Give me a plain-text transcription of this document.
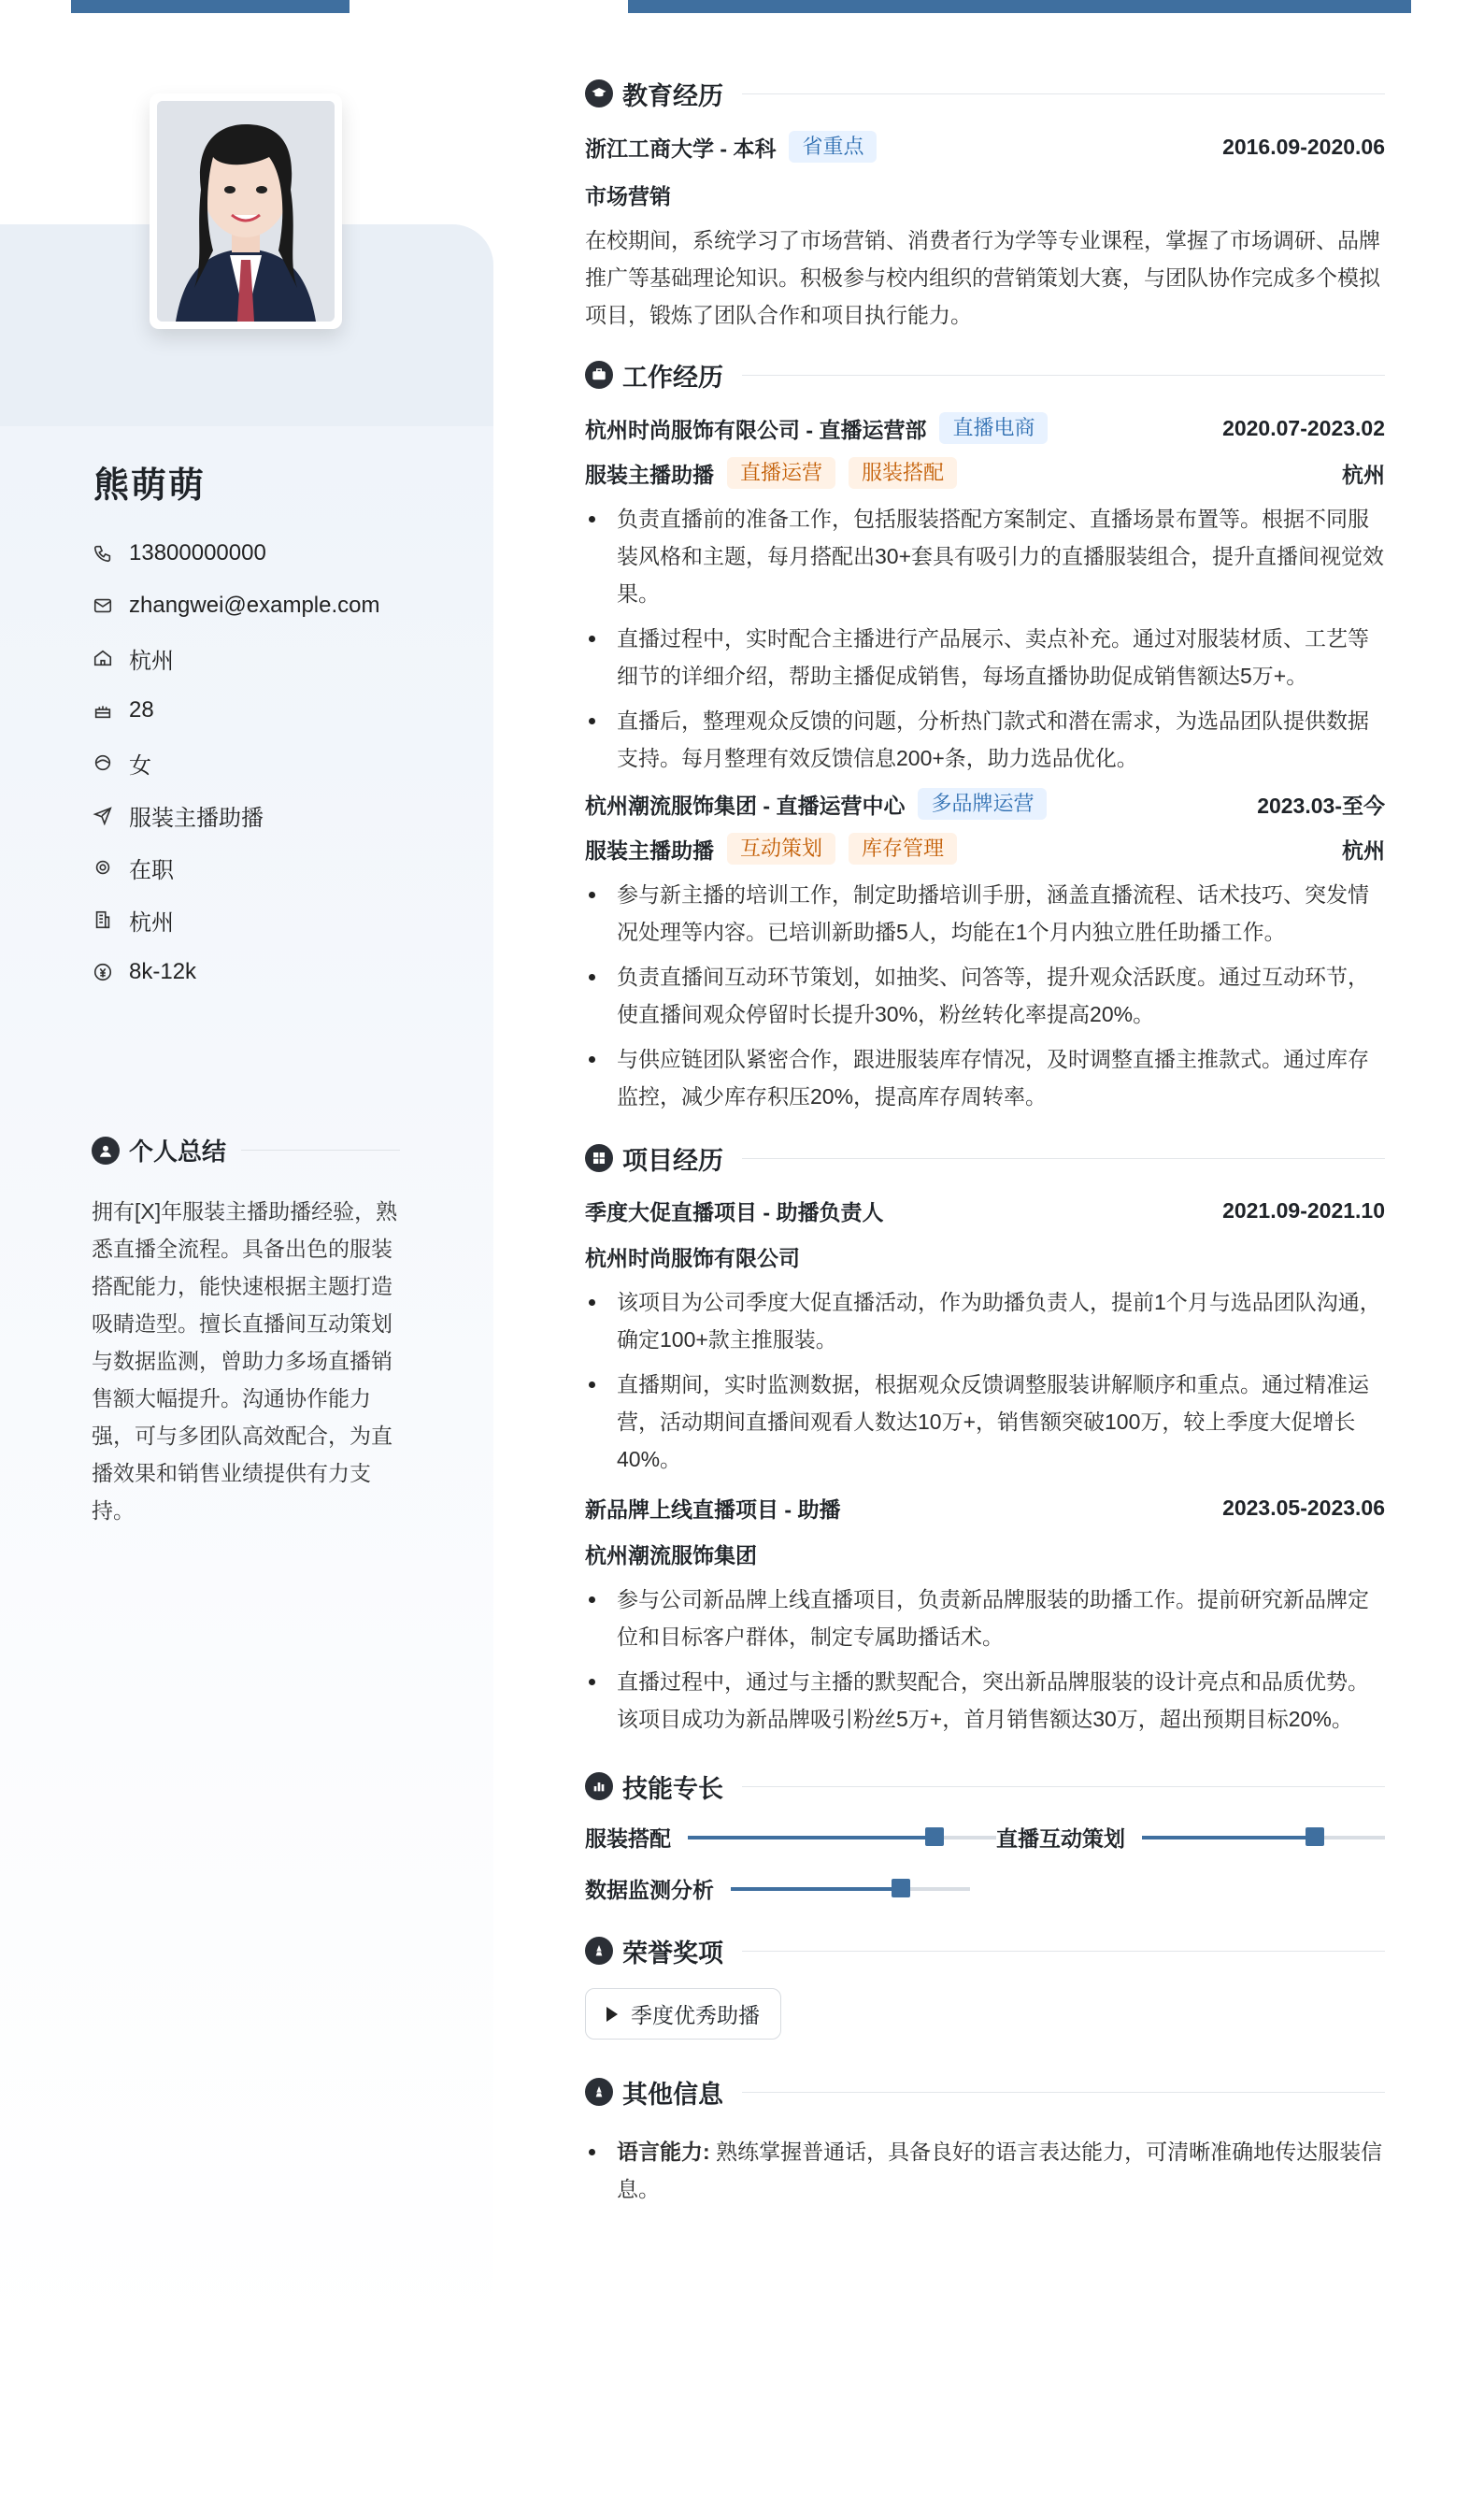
熊萌萌
13800000000
zhangwei@example.com
杭州
28
女
服装主播助播
在职
杭州
8k-12k
个人总结
拥有[X]年服装主播助播经验，熟悉直播全流程。具备出色的服装搭配能力，能快速根据主题打造吸睛造型。擅长直播间互动策划与数据监测，曾助力多场直播销售额大幅提升。沟通协作能力强，可与多团队高效配合，为直播效果和销售业绩提供有力支持。
教育经历
浙江工商大学 - 本科	省重点	2016.09-2020.06
市场营销
在校期间，系统学习了市场营销、消费者行为学等专业课程，掌握了市场调研、品牌推广等基础理论知识。积极参与校内组织的营销策划大赛，与团队协作完成多个模拟项目，锻炼了团队合作和项目执行能力。
工作经历
杭州时尚服饰有限公司 - 直播运营部	直播电商	2020.07-2023.02
服装主播助播	直播运营	服装搭配	杭州
负责直播前的准备工作，包括服装搭配方案制定、直播场景布置等。根据不同服装风格和主题，每月搭配出30+套具有吸引力的直播服装组合，提升直播间视觉效果。
直播过程中，实时配合主播进行产品展示、卖点补充。通过对服装材质、工艺等细节的详细介绍，帮助主播促成销售，每场直播协助促成销售额达5万+。
直播后，整理观众反馈的问题，分析热门款式和潜在需求，为选品团队提供数据支持。每月整理有效反馈信息200+条，助力选品优化。
杭州潮流服饰集团 - 直播运营中心	多品牌运营	2023.03-至今
服装主播助播	互动策划	库存管理	杭州
参与新主播的培训工作，制定助播培训手册，涵盖直播流程、话术技巧、突发情况处理等内容。已培训新助播5人，均能在1个月内独立胜任助播工作。
负责直播间互动环节策划，如抽奖、问答等，提升观众活跃度。通过互动环节，使直播间观众停留时长提升30%，粉丝转化率提高20%。
与供应链团队紧密合作，跟进服装库存情况，及时调整直播主推款式。通过库存监控，减少库存积压20%，提高库存周转率。
项目经历
季度大促直播项目 - 助播负责人	2021.09-2021.10
杭州时尚服饰有限公司
该项目为公司季度大促直播活动，作为助播负责人，提前1个月与选品团队沟通，确定100+款主推服装。
直播期间，实时监测数据，根据观众反馈调整服装讲解顺序和重点。通过精准运营，活动期间直播间观看人数达10万+，销售额突破100万，较上季度大促增长40%。
新品牌上线直播项目 - 助播	2023.05-2023.06
杭州潮流服饰集团
参与公司新品牌上线直播项目，负责新品牌服装的助播工作。提前研究新品牌定位和目标客户群体，制定专属助播话术。
直播过程中，通过与主播的默契配合，突出新品牌服装的设计亮点和品质优势。该项目成功为新品牌吸引粉丝5万+，首月销售额达30万，超出预期目标20%。
技能专长
服装搭配	直播互动策划
数据监测分析
荣誉奖项
季度优秀助播
其他信息
语言能力: 熟练掌握普通话，具备良好的语言表达能力，可清晰准确地传达服装信息。
